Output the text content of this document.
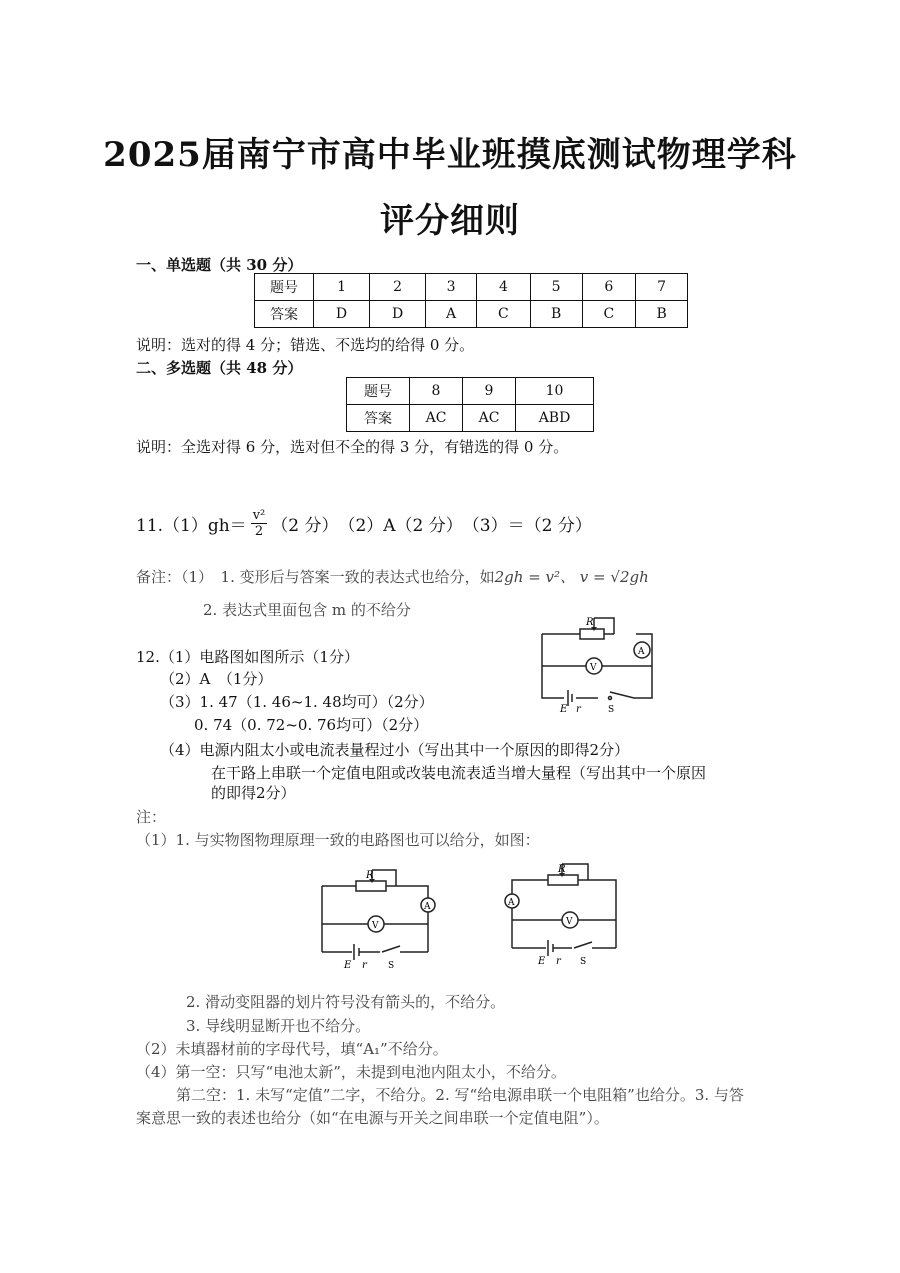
2025届南宁市高中毕业班摸底测试物理学科
评分细则
一、单选题（共 30 分）
题号	1	2	3	4	5	6	7
答案	D	D	A	C	B	C	B
说明：选对的得 4 分；错选、不选均的给得 0 分。
二、多选题（共 48 分）
题号	8	9	10
答案	AC	AC	ABD
说明：全选对得 6 分，选对但不全的得 3 分，有错选的得 0 分。
$11.(1)gh= \frac{\text{v²}}{2} (2$ 分）　（2）A（2 分）　（3）＝（2 分）
备注：（1）　1. 变形后与答案一致的表达式也给分，如2gh = v²、 v = √2gh
2. 表达式里面包含 m 的不给分
12.（1）电路图如图所示（1分）
（2）A　（1分）
（3）1. 47（1. 46~1. 48均可）（2分）
0. 74（0. 72~0. 76均可）（2分）
（4）电源内阻太小或电流表量程过小（写出其中一个原因的即得2分）
在干路上串联一个定值电阻或改装电流表适当增大量程（写出其中一个原因
的即得2分）
R
A
V
E r	S
注：
（1）1. 与实物图物理原理一致的电路图也可以给分，如图：
R
A
V
E r S
R
A
V
E r S
2. 滑动变阻器的划片符号没有箭头的，不给分。
3. 导线明显断开也不给分。
（2）未填器材前的字母代号，填“A₁”不给分。
（4）第一空：只写“电池太新”，未提到电池内阻太小，不给分。
第二空：1. 未写“定值”二字，不给分。2. 写“给电源串联一个电阻箱”也给分。3. 与答
案意思一致的表述也给分（如“在电源与开关之间串联一个定值电阻”）。
